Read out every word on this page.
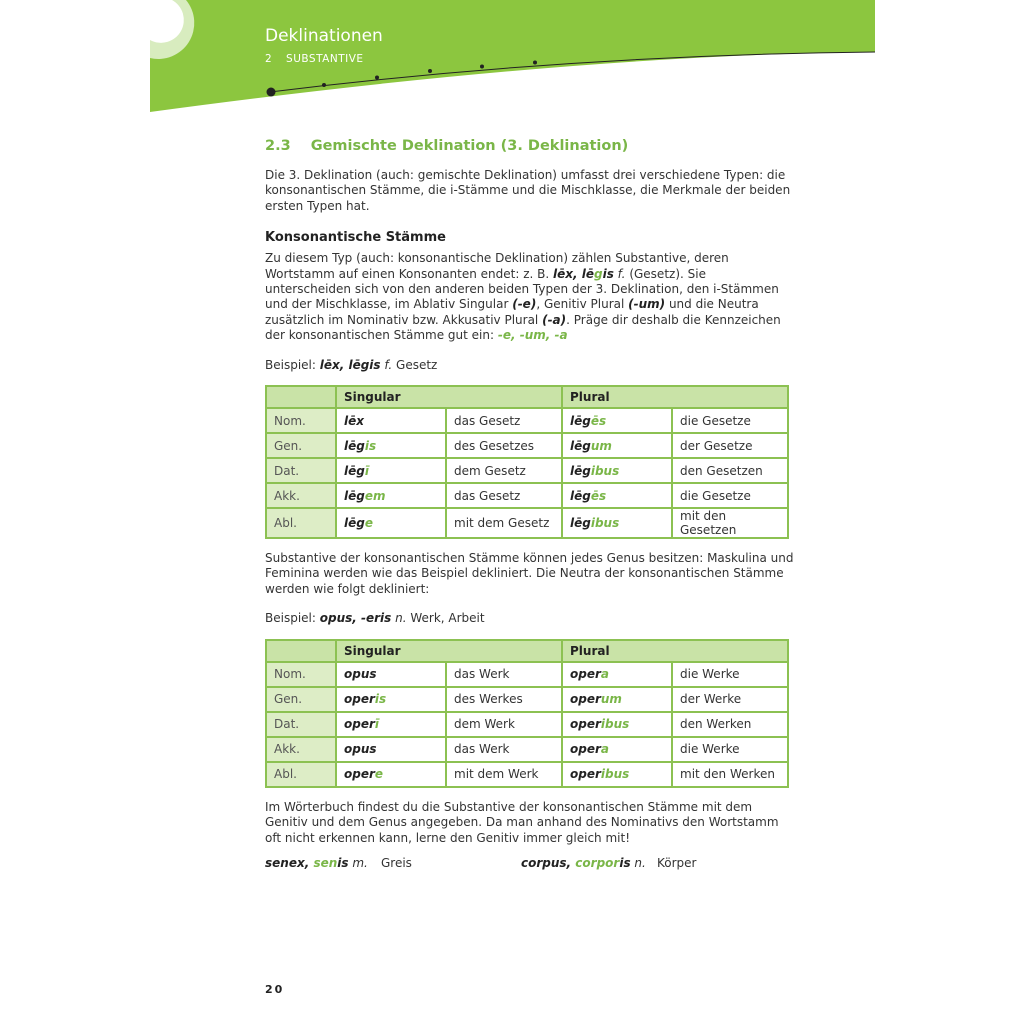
Deklinationen
2 SUBSTANTIVE
2.3 Gemischte Deklination (3. Deklination)

Die 3. Deklination (auch: gemischte Deklination) umfasst drei verschiedene Typen: die konsonantischen Stämme, die i-Stämme und die Mischklasse, die Merkmale der beiden ersten Typen hat.

Konsonantische Stämme

Zu diesem Typ (auch: konsonantische Deklination) zählen Substantive, deren Wortstamm auf einen Konsonanten endet: z. B. lēx, lēgis f. (Gesetz). Sie unterscheiden sich von den anderen beiden Typen der 3. Deklination, den i-Stämmen und der Mischklasse, im Ablativ Singular (-e), Genitiv Plural (-um) und die Neutra zusätzlich im Nominativ bzw. Akkusativ Plural (-a). Präge dir deshalb die Kennzeichen der konsonantischen Stämme gut ein: -e, -um, -a

Beispiel: lēx, lēgis f. Gesetz

	Singular		Plural	
Nom.	lēx	das Gesetz	lēgēs	die Gesetze
Gen.	lēgis	des Gesetzes	lēgum	der Gesetze
Dat.	lēgī	dem Gesetz	lēgibus	den Gesetzen
Akk.	lēgem	das Gesetz	lēgēs	die Gesetze
Abl.	lēge	mit dem Gesetz	lēgibus	mit den Gesetzen

Substantive der konsonantischen Stämme können jedes Genus besitzen: Maskulina und Feminina werden wie das Beispiel dekliniert. Die Neutra der konsonantischen Stämme werden wie folgt dekliniert:

Beispiel: opus, -eris n. Werk, Arbeit

	Singular		Plural	
Nom.	opus	das Werk	opera	die Werke
Gen.	operis	des Werkes	operum	der Werke
Dat.	operī	dem Werk	operibus	den Werken
Akk.	opus	das Werk	opera	die Werke
Abl.	opere	mit dem Werk	operibus	mit den Werken

Im Wörterbuch findest du die Substantive der konsonantischen Stämme mit dem Genitiv und dem Genus angegeben. Da man anhand des Nominativs den Wortstamm oft nicht erkennen kann, lerne den Genitiv immer gleich mit!

senex, senis m.	Greis	corpus, corporis n. Körper
20
